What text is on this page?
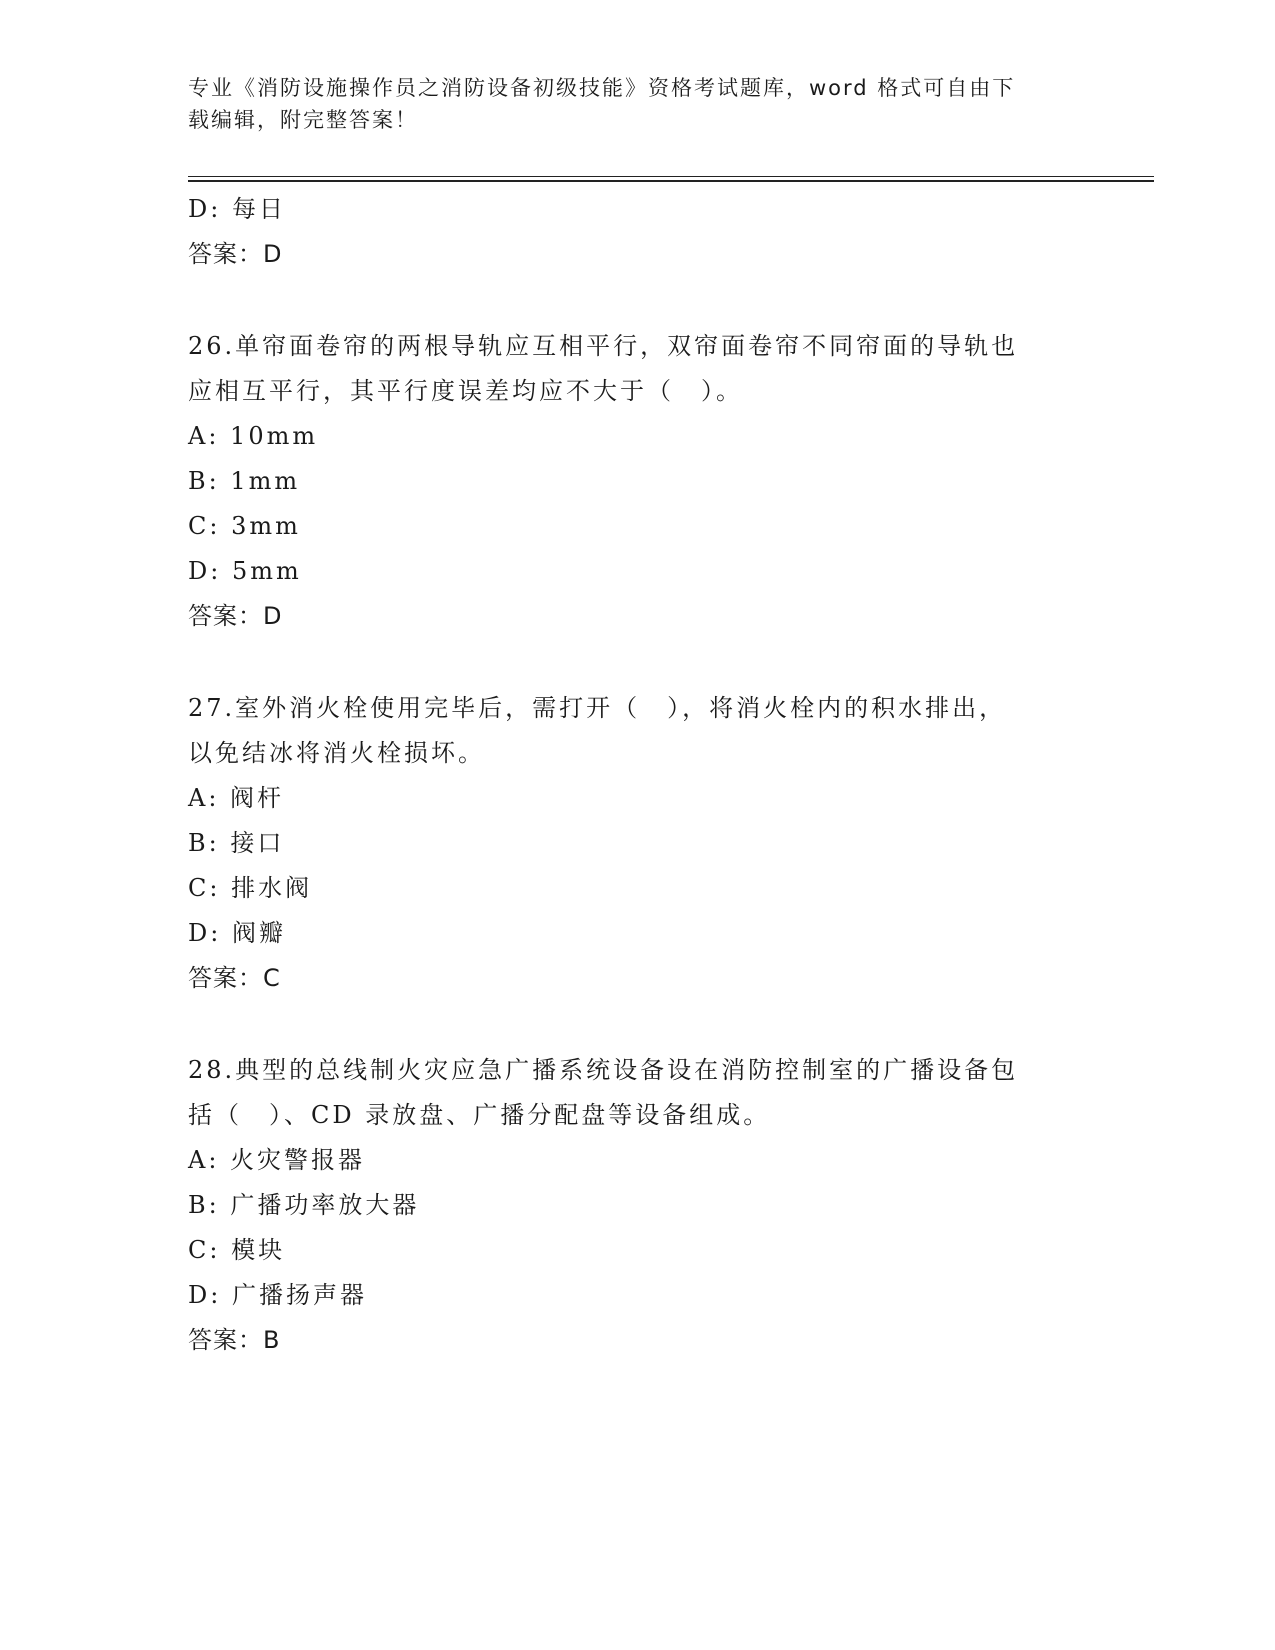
专业《消防设施操作员之消防设备初级技能》资格考试题库，word 格式可自由下
载编辑，附完整答案！
D: 每日
答案：D
26.单帘面卷帘的两根导轨应互相平行，双帘面卷帘不同帘面的导轨也
应相互平行，其平行度误差均应不大于（　）。
A: 10mm
B: 1mm
C: 3mm
D: 5mm
答案：D
27.室外消火栓使用完毕后，需打开（　），将消火栓内的积水排出，
以免结冰将消火栓损坏。
A: 阀杆
B: 接口
C: 排水阀
D: 阀瓣
答案：C
28.典型的总线制火灾应急广播系统设备设在消防控制室的广播设备包
括（　）、CD 录放盘、广播分配盘等设备组成。
A: 火灾警报器
B: 广播功率放大器
C: 模块
D: 广播扬声器
答案：B
